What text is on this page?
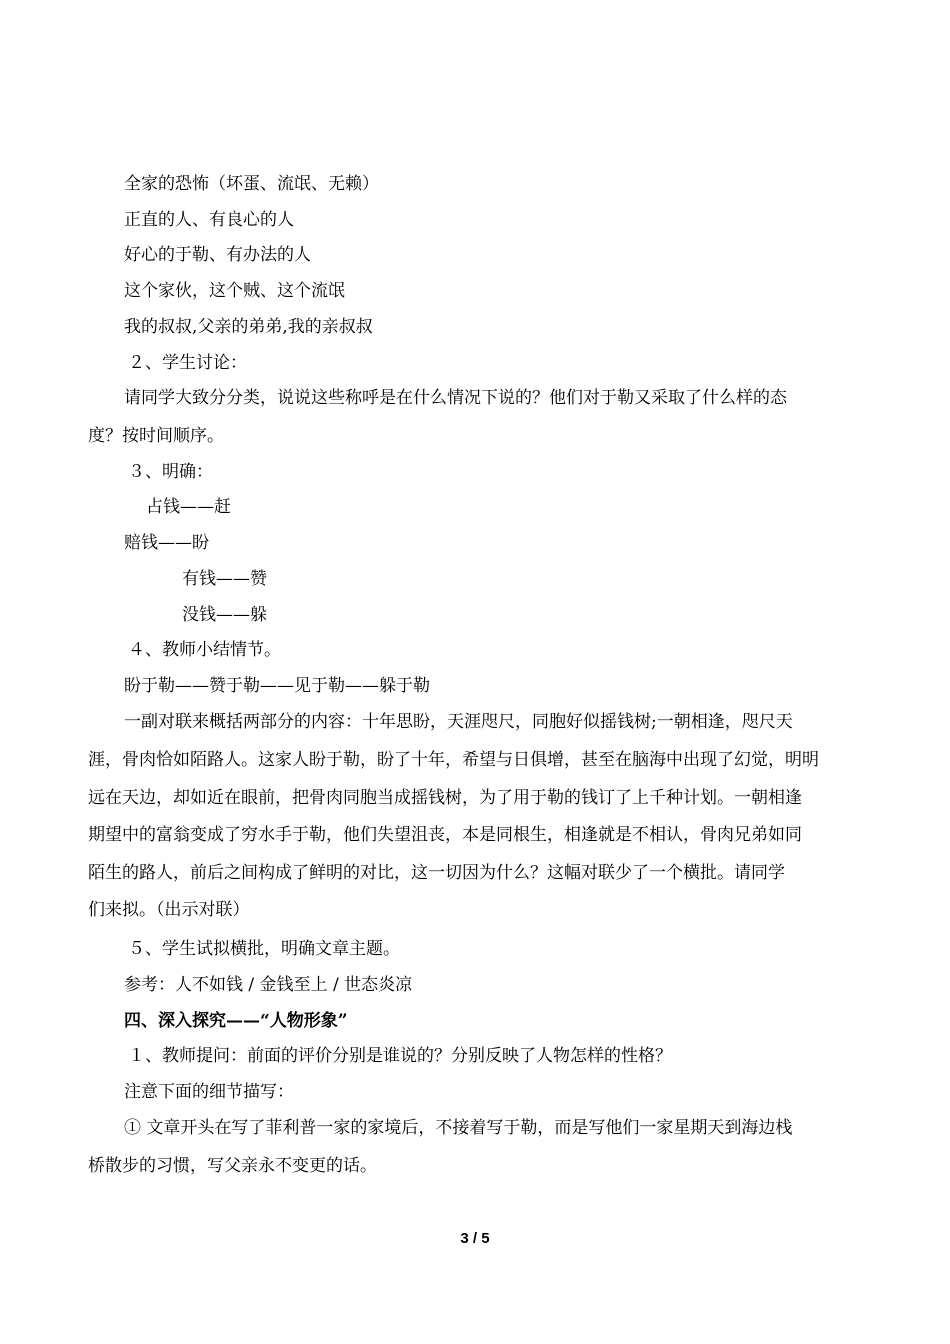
全家的恐怖（坏蛋、流氓、无赖）
正直的人、有良心的人
好心的于勒、有办法的人
这个家伙，这个贼、这个流氓
我的叔叔,父亲的弟弟,我的亲叔叔
２、学生讨论：
请同学大致分分类，说说这些称呼是在什么情况下说的？他们对于勒又采取了什么样的态
度？按时间顺序。
３、明确：
占钱——赶
赔钱——盼
有钱——赞
没钱——躲
４、教师小结情节。
盼于勒——赞于勒——见于勒——躲于勒
一副对联来概括两部分的内容：十年思盼，天涯咫尺，同胞好似摇钱树;一朝相逢，咫尺天
涯，骨肉恰如陌路人。这家人盼于勒，盼了十年，希望与日俱增，甚至在脑海中出现了幻觉，明明
远在天边，却如近在眼前，把骨肉同胞当成摇钱树，为了用于勒的钱订了上千种计划。一朝相逢
期望中的富翁变成了穷水手于勒，他们失望沮丧，本是同根生，相逢就是不相认，骨肉兄弟如同
陌生的路人，前后之间构成了鲜明的对比，这一切因为什么？这幅对联少了一个横批。请同学
们来拟。（出示对联）
５、学生试拟横批，明确文章主题。
参考：人不如钱 / 金钱至上 / 世态炎凉
四、深入探究——“人物形象”
１、教师提问：前面的评价分别是谁说的？分别反映了人物怎样的性格？
注意下面的细节描写：
① 文章开头在写了菲利普一家的家境后，不接着写于勒，而是写他们一家星期天到海边栈
桥散步的习惯，写父亲永不变更的话。
3 / 5
